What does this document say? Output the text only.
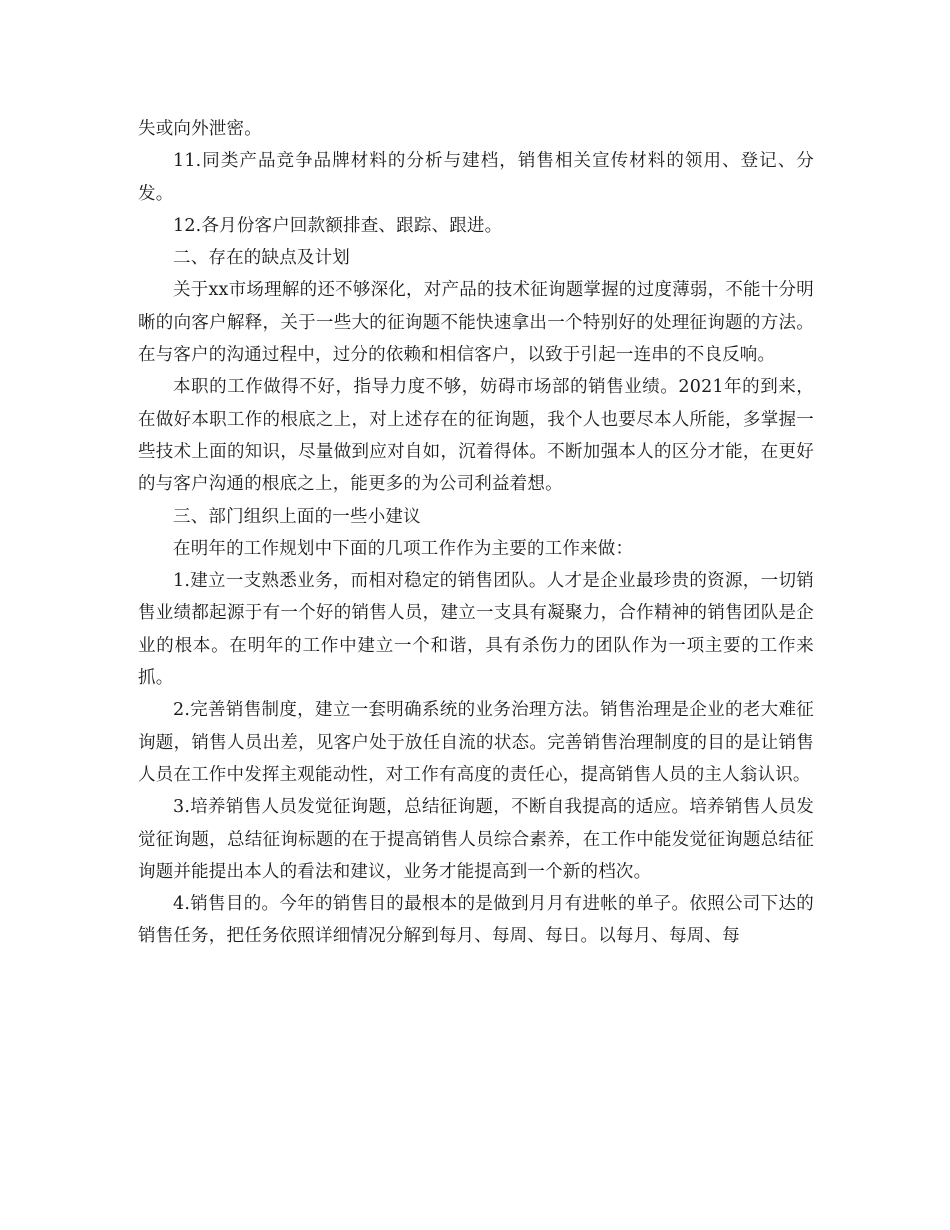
失或向外泄密。

11.同类产品竞争品牌材料的分析与建档，销售相关宣传材料的领用、登记、分发。

12.各月份客户回款额排查、跟踪、跟进。

二、存在的缺点及计划

关于xx市场理解的还不够深化，对产品的技术征询题掌握的过度薄弱，不能十分明晰的向客户解释，关于一些大的征询题不能快速拿出一个特别好的处理征询题的方法。在与客户的沟通过程中，过分的依赖和相信客户，以致于引起一连串的不良反响。

本职的工作做得不好，指导力度不够，妨碍市场部的销售业绩。2021年的到来，在做好本职工作的根底之上，对上述存在的征询题，我个人也要尽本人所能，多掌握一些技术上面的知识，尽量做到应对自如，沉着得体。不断加强本人的区分才能，在更好的与客户沟通的根底之上，能更多的为公司利益着想。

三、部门组织上面的一些小建议

在明年的工作规划中下面的几项工作作为主要的工作来做：

1.建立一支熟悉业务，而相对稳定的销售团队。人才是企业最珍贵的资源，一切销售业绩都起源于有一个好的销售人员，建立一支具有凝聚力，合作精神的销售团队是企业的根本。在明年的工作中建立一个和谐，具有杀伤力的团队作为一项主要的工作来抓。

2.完善销售制度，建立一套明确系统的业务治理方法。销售治理是企业的老大难征询题，销售人员出差，见客户处于放任自流的状态。完善销售治理制度的目的是让销售人员在工作中发挥主观能动性，对工作有高度的责任心，提高销售人员的主人翁认识。

3.培养销售人员发觉征询题，总结征询题，不断自我提高的适应。培养销售人员发觉征询题，总结征询标题的在于提高销售人员综合素养，在工作中能发觉征询题总结征询题并能提出本人的看法和建议，业务才能提高到一个新的档次。

4.销售目的。今年的销售目的最根本的是做到月月有进帐的单子。依照公司下达的销售任务，把任务依照详细情况分解到每月、每周、每日。以每月、每周、每
